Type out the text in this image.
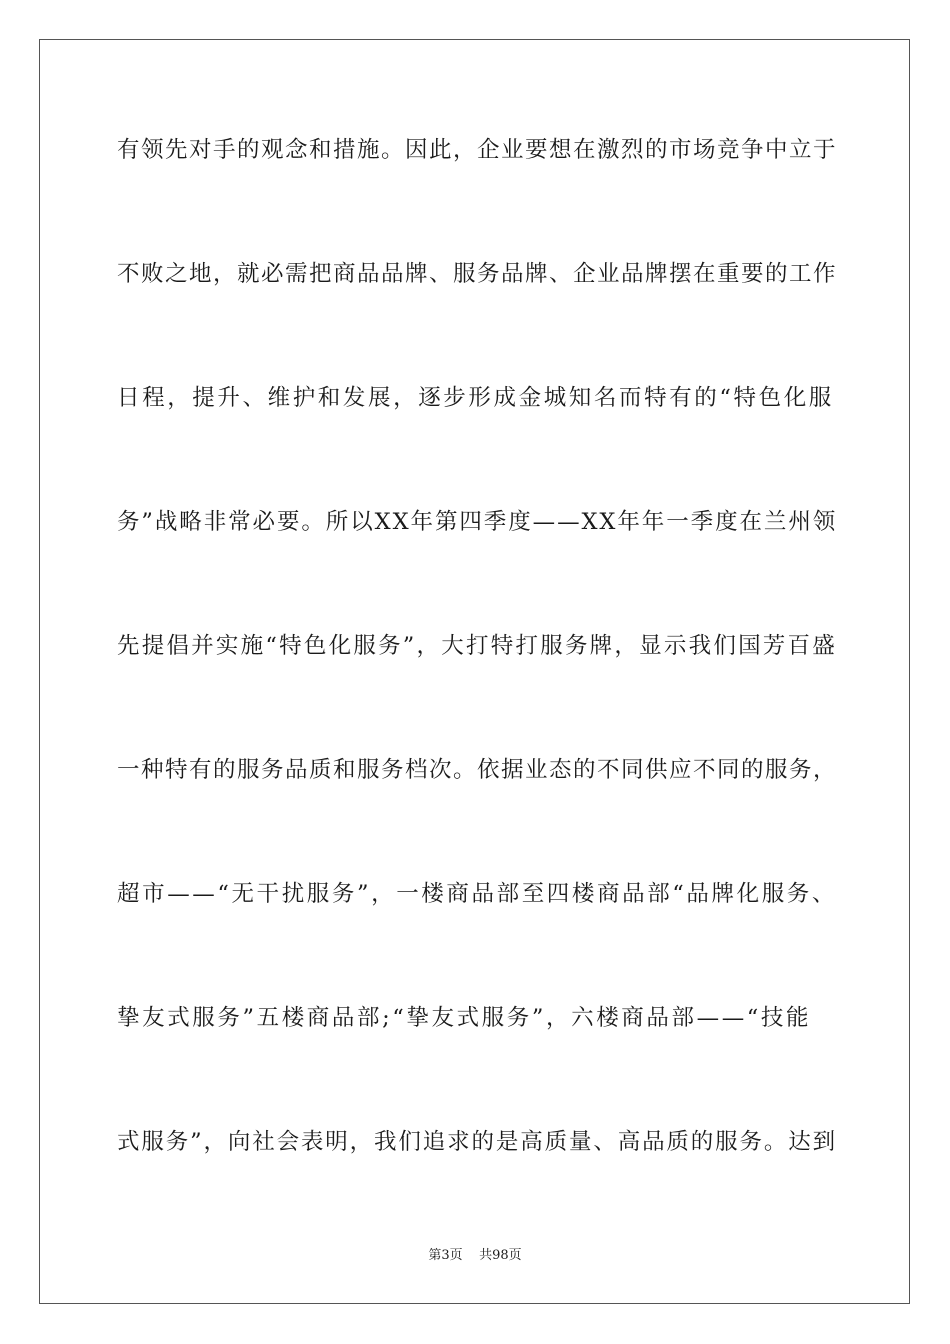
有领先对手的观念和措施。因此，企业要想在激烈的市场竞争中立于
不败之地，就必需把商品品牌、服务品牌、企业品牌摆在重要的工作
日程，提升、维护和发展，逐步形成金城知名而特有的“特色化服
务”战略非常必要。所以XX年第四季度——XX年年一季度在兰州领
先提倡并实施“特色化服务”，大打特打服务牌，显示我们国芳百盛
一种特有的服务品质和服务档次。依据业态的不同供应不同的服务，
超市——“无干扰服务”，一楼商品部至四楼商品部“品牌化服务、
挚友式服务”五楼商品部;“挚友式服务”，六楼商品部——“技能
式服务”，向社会表明，我们追求的是高质量、高品质的服务。达到
第3页 共98页
